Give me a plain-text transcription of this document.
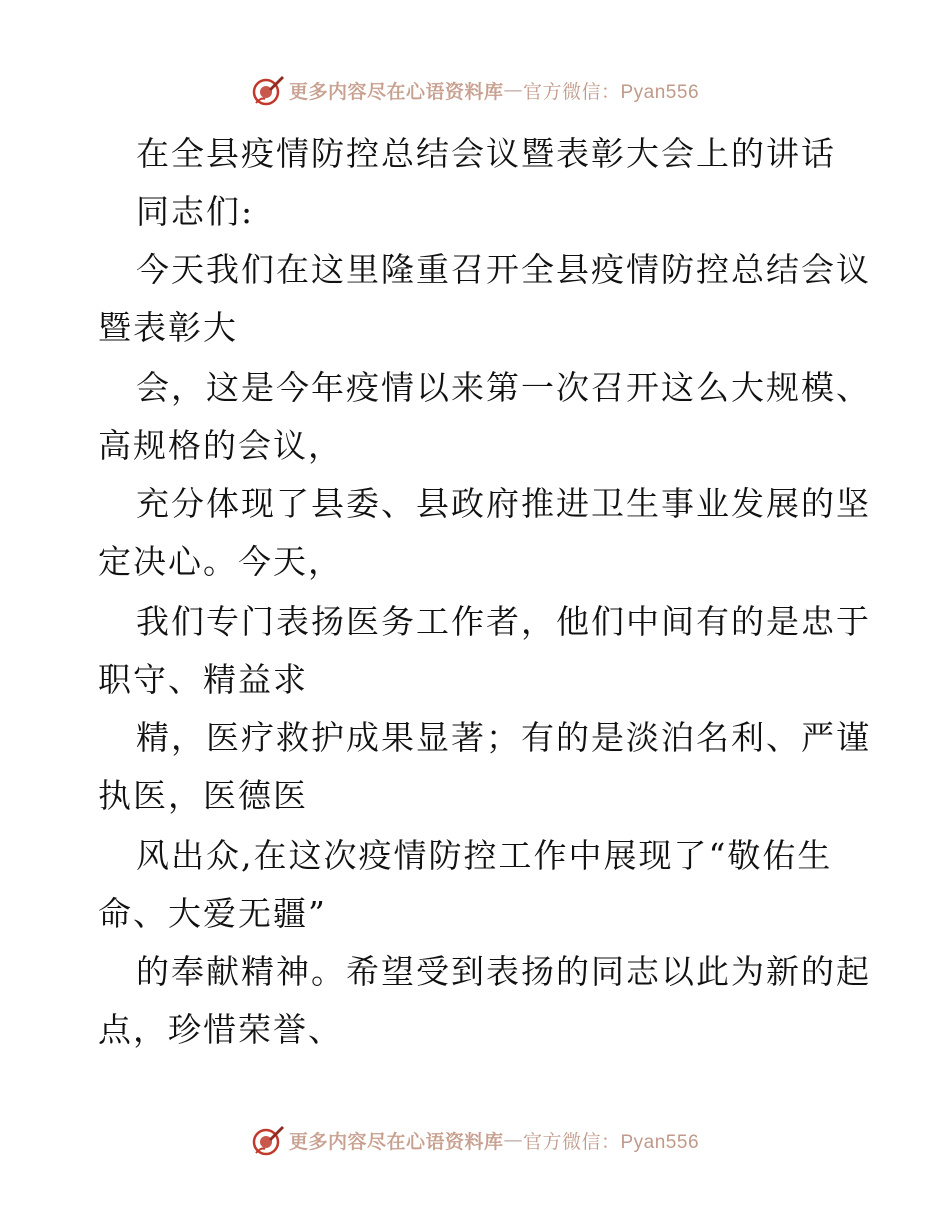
更多内容尽在心语资料库 — 官方微信：Pyan556
在全县疫情防控总结会议暨表彰大会上的讲话
同志们:
今天我们在这里隆重召开全县疫情防控总结会议
暨表彰大
会，这是今年疫情以来第一次召开这么大规模、
高规格的会议，
充分体现了县委、县政府推进卫生事业发展的坚
定决心。今天，
我们专门表扬医务工作者，他们中间有的是忠于
职守、精益求
精，医疗救护成果显著；有的是淡泊名利、严谨
执医，医德医
风出众,在这次疫情防控工作中展现了“敬佑生
命、大爱无疆”
的奉献精神。希望受到表扬的同志以此为新的起
点，珍惜荣誉、
更多内容尽在心语资料库 — 官方微信：Pyan556
